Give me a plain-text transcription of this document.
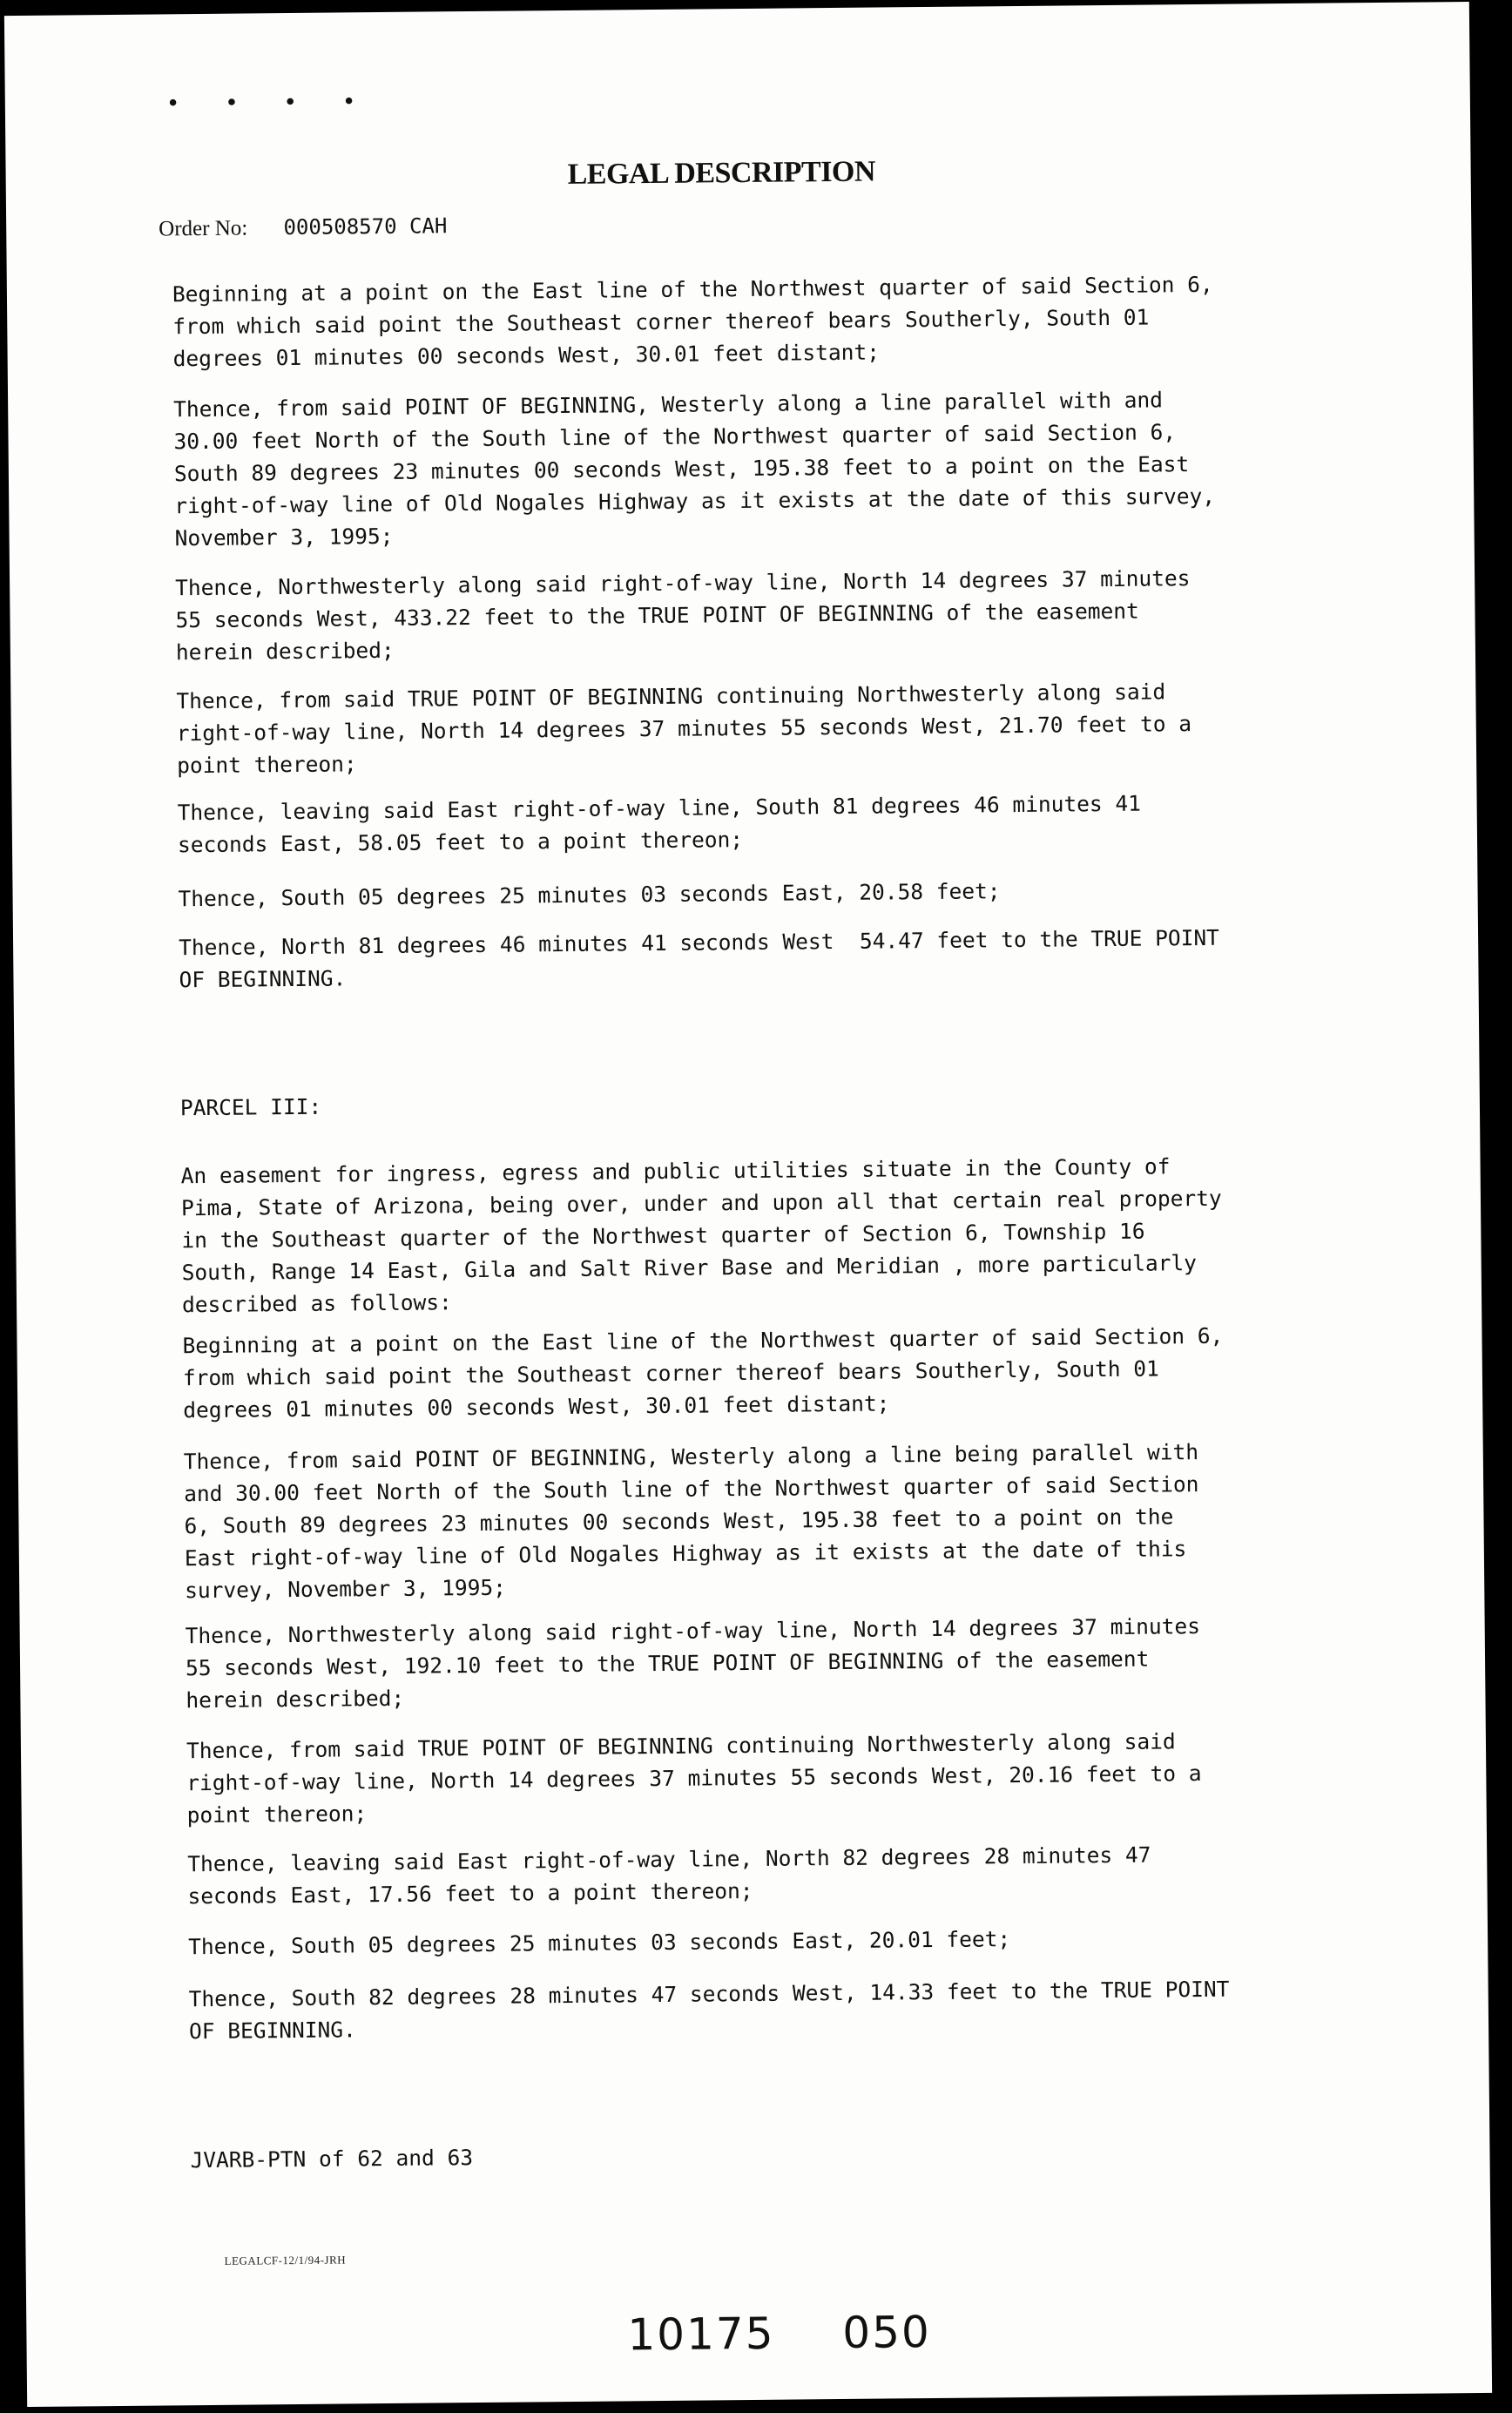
• • • •
LEGAL DESCRIPTION
Order No: 000508570 CAH
Beginning at a point on the East line of the Northwest quarter of said Section 6,
from which said point the Southeast corner thereof bears Southerly, South 01
degrees 01 minutes 00 seconds West, 30.01 feet distant;
Thence, from said POINT OF BEGINNING, Westerly along a line parallel with and
30.00 feet North of the South line of the Northwest quarter of said Section 6,
South 89 degrees 23 minutes 00 seconds West, 195.38 feet to a point on the East
right-of-way line of Old Nogales Highway as it exists at the date of this survey,
November 3, 1995;
Thence, Northwesterly along said right-of-way line, North 14 degrees 37 minutes
55 seconds West, 433.22 feet to the TRUE POINT OF BEGINNING of the easement
herein described;
Thence, from said TRUE POINT OF BEGINNING continuing Northwesterly along said
right-of-way line, North 14 degrees 37 minutes 55 seconds West, 21.70 feet to a
point thereon;
Thence, leaving said East right-of-way line, South 81 degrees 46 minutes 41
seconds East, 58.05 feet to a point thereon;
Thence, South 05 degrees 25 minutes 03 seconds East, 20.58 feet;
Thence, North 81 degrees 46 minutes 41 seconds West  54.47 feet to the TRUE POINT
OF BEGINNING.
PARCEL III:
An easement for ingress, egress and public utilities situate in the County of
Pima, State of Arizona, being over, under and upon all that certain real property
in the Southeast quarter of the Northwest quarter of Section 6, Township 16
South, Range 14 East, Gila and Salt River Base and Meridian , more particularly
described as follows:
Beginning at a point on the East line of the Northwest quarter of said Section 6,
from which said point the Southeast corner thereof bears Southerly, South 01
degrees 01 minutes 00 seconds West, 30.01 feet distant;
Thence, from said POINT OF BEGINNING, Westerly along a line being parallel with
and 30.00 feet North of the South line of the Northwest quarter of said Section
6, South 89 degrees 23 minutes 00 seconds West, 195.38 feet to a point on the
East right-of-way line of Old Nogales Highway as it exists at the date of this
survey, November 3, 1995;
Thence, Northwesterly along said right-of-way line, North 14 degrees 37 minutes
55 seconds West, 192.10 feet to the TRUE POINT OF BEGINNING of the easement
herein described;
Thence, from said TRUE POINT OF BEGINNING continuing Northwesterly along said
right-of-way line, North 14 degrees 37 minutes 55 seconds West, 20.16 feet to a
point thereon;
Thence, leaving said East right-of-way line, North 82 degrees 28 minutes 47
seconds East, 17.56 feet to a point thereon;
Thence, South 05 degrees 25 minutes 03 seconds East, 20.01 feet;
Thence, South 82 degrees 28 minutes 47 seconds West, 14.33 feet to the TRUE POINT
OF BEGINNING.
JVARB-PTN of 62 and 63
LEGALCF-12/1/94-JRH
10175 050
